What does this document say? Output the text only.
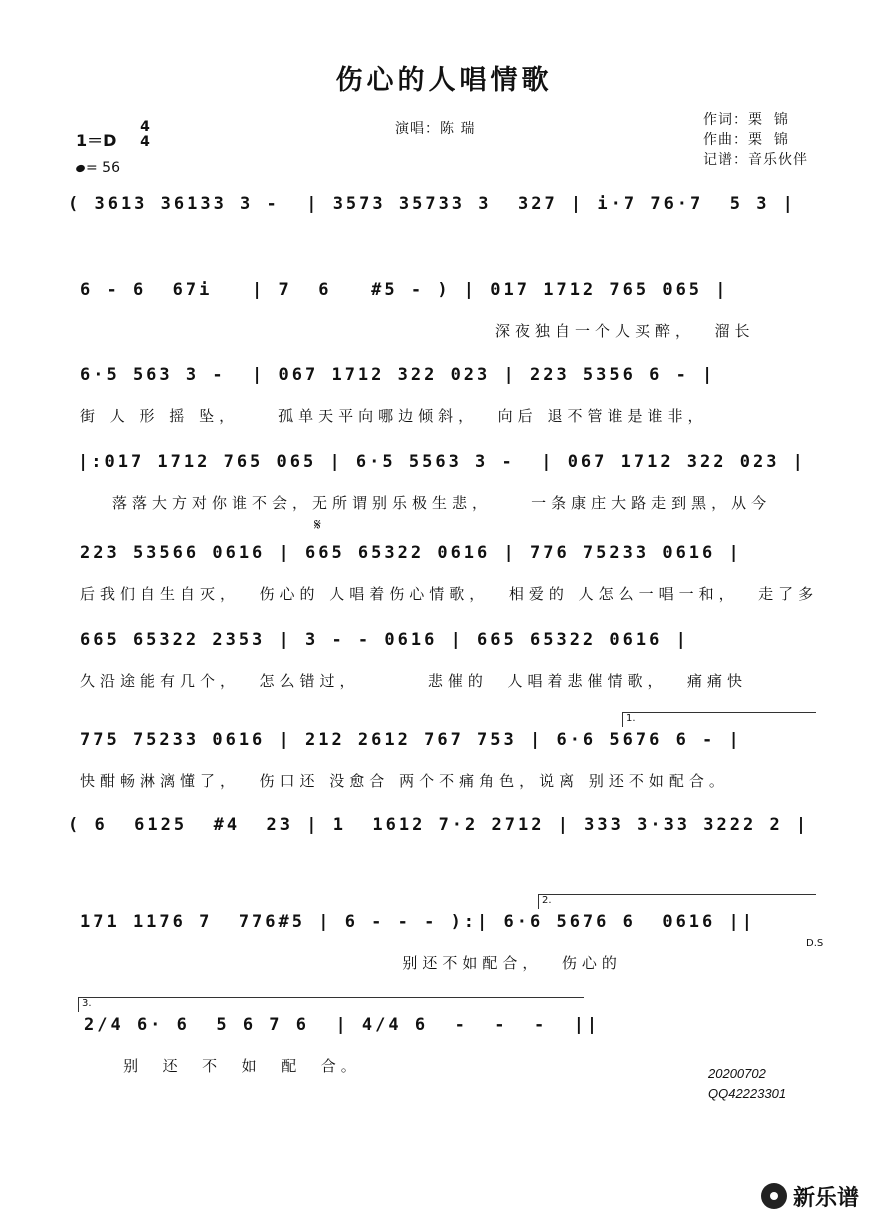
伤心的人唱情歌
1＝D
4
4
= 56
演唱：陈 瑞
作词：栗  锦
作曲：栗  锦
记谱：音乐伙伴
( 3613 36133 3 -  | 3573 35733 3  327 | i·7 76·7  5 3 |
6 - 6  67i   | 7  6   #5 - ) | 017 1712 765 065 |
深夜独自一个人买醉，  溜长
6·5 563 3 -  | 067 1712 322 023 | 223 5356 6 - |
街 人 形 摇 坠，    孤单天平向哪边倾斜，  向后 退不管谁是谁非，
|:017 1712 765 065 | 6·5 5563 3 -  | 067 1712 322 023 |
落落大方对你谁不会，无所谓别乐极生悲，    一条康庄大路走到黑，从今
𝄋
223 53566 0616 | 665 65322 0616 | 776 75233 0616 |
后我们自生自灭，  伤心的 人唱着伤心情歌，  相爱的 人怎么一唱一和，  走了多
665 65322 2353 | 3 - - 0616 | 665 65322 0616 |
久沿途能有几个，  怎么错过，       悲催的  人唱着悲催情歌，  痛痛快
1.
775 75233 0616 | 212 2612 767 753 | 6·6 5676 6 - |
快酣畅淋漓懂了，  伤口还 没愈合 两个不痛角色，说离 别还不如配合。
( 6  6125  #4  23 | 1  1612 7·2 2712 | 333 3·33 3222 2 |
2.
171 1176 7  776#5 | 6 - - - ):| 6·6 5676 6  0616 ||
别还不如配合，  伤心的
D.S
3.
2/4 6· 6  5 6 7 6  | 4/4 6  -  -  -  ||
别  还  不  如  配  合。	20200702
QQ42223301
新乐谱
